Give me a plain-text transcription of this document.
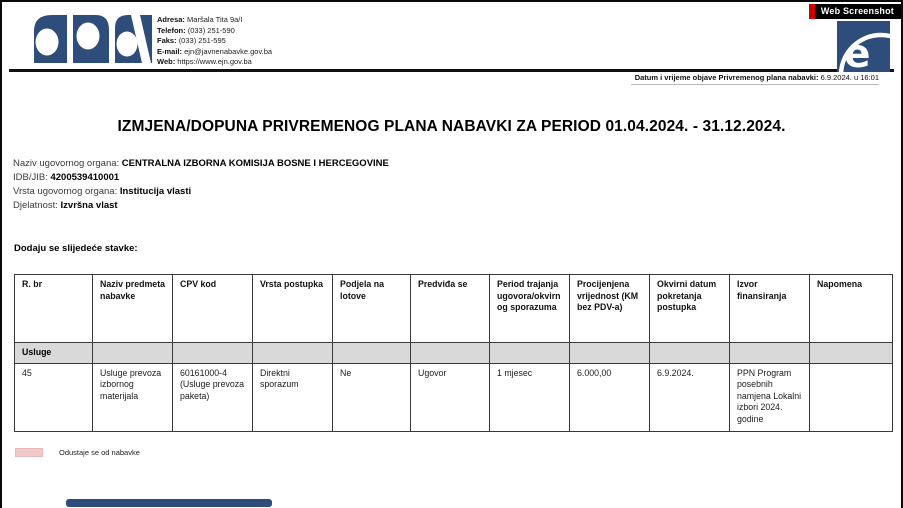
Web Screenshot
Adresa: Maršala Tita 9a/I
Telefon: (033) 251-590
Faks: (033) 251-595
E-mail: ejn@javnenabavke.gov.ba
Web: https://www.ejn.gov.ba	e
Datum i vrijeme objave Privremenog plana nabavki: 6.9.2024. u 16:01
IZMJENA/DOPUNA PRIVREMENOG PLANA NABAVKI ZA PERIOD 01.04.2024. - 31.12.2024.
Naziv ugovornog organa: CENTRALNA IZBORNA KOMISIJA BOSNE I HERCEGOVINE
IDB/JIB: 4200539410001
Vrsta ugovornog organa: Institucija vlasti
Djelatnost: Izvršna vlast
Dodaju se slijedeće stavke:
R. br	Naziv predmeta nabavke	CPV kod	Vrsta postupka	Podjela na lotove	Predviđa se	Period trajanja ugovora/okvirnog sporazuma	Procijenjena vrijednost (KM bez PDV-a)	Okvirni datum pokretanja postupka	Izvor finansiranja	Napomena
Usluge										
45	Usluge prevoza izbornog materijala	60161000-4 (Usluge prevoza paketa)	Direktni sporazum	Ne	Ugovor	1 mjesec	6.000,00	6.9.2024.	PPN Program posebnih namjena Lokalni izbori 2024. godine	
Odustaje se od nabavke
